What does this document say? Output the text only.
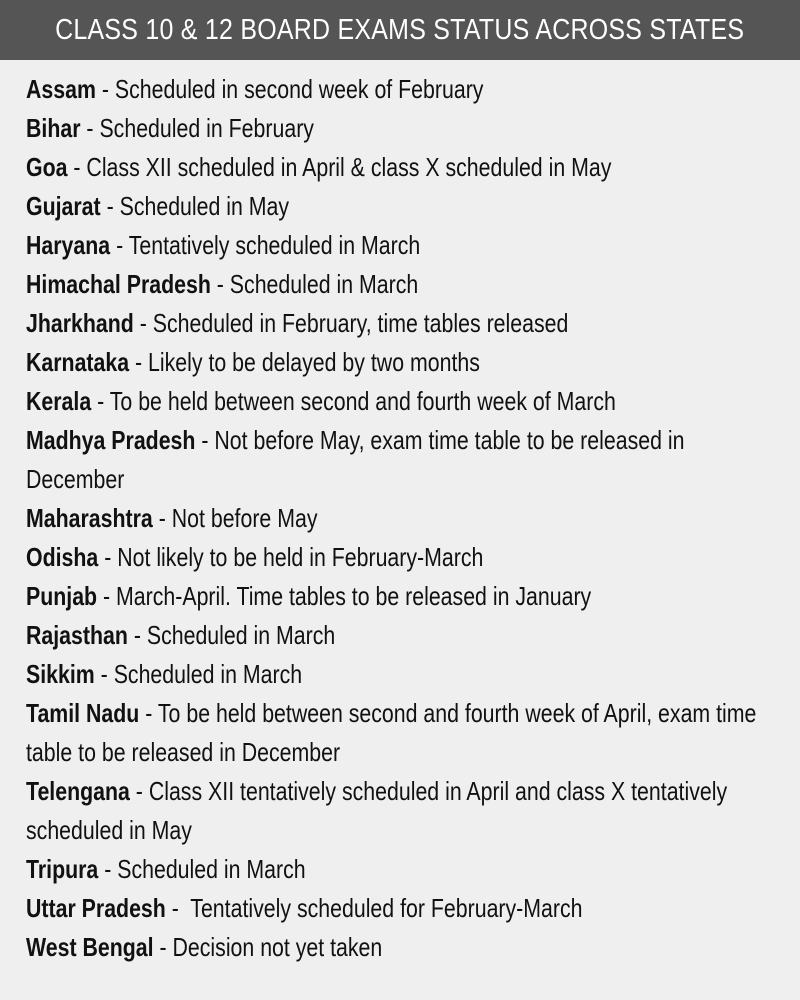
CLASS 10 & 12 BOARD EXAMS STATUS ACROSS STATES
Assam - Scheduled in second week of February
Bihar - Scheduled in February
Goa - Class XII scheduled in April & class X scheduled in May
Gujarat - Scheduled in May
Haryana - Tentatively scheduled in March
Himachal Pradesh - Scheduled in March
Jharkhand - Scheduled in February, time tables released
Karnataka - Likely to be delayed by two months
Kerala - To be held between second and fourth week of March
Madhya Pradesh - Not before May, exam time table to be released in December
Maharashtra - Not before May
Odisha - Not likely to be held in February-March
Punjab - March-April. Time tables to be released in January
Rajasthan - Scheduled in March
Sikkim - Scheduled in March
Tamil Nadu - To be held between second and fourth week of April, exam time table to be released in December
Telengana - Class XII tentatively scheduled in April and class X tentatively scheduled in May
Tripura - Scheduled in March
Uttar Pradesh -  Tentatively scheduled for February-March
West Bengal - Decision not yet taken
